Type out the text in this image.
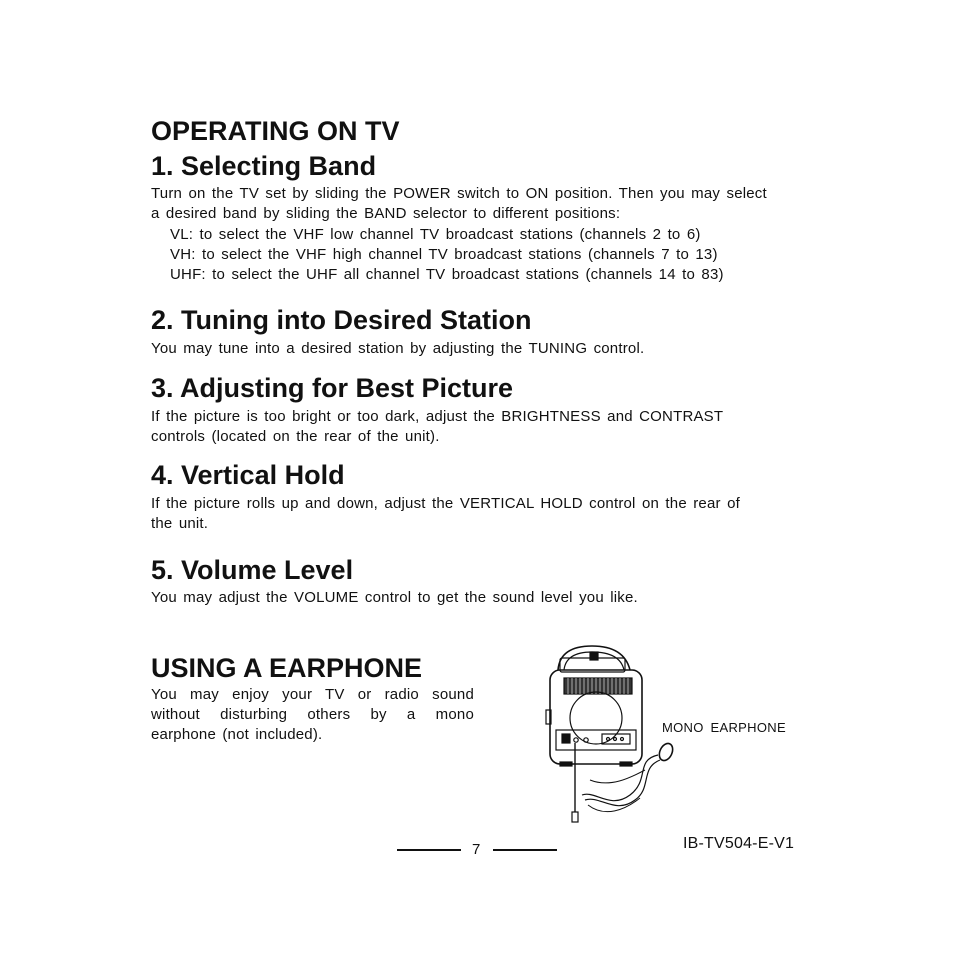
OPERATING ON TV
1. Selecting Band
Turn on the TV set by sliding the POWER switch to ON position. Then you may select
a desired band by sliding the BAND selector to different positions:
VL: to select the VHF low channel TV broadcast stations (channels 2 to 6)
VH: to select the VHF high channel TV broadcast stations (channels 7 to 13)
UHF: to select the UHF all channel TV broadcast stations (channels 14 to 83)
2. Tuning into Desired Station
You may tune into a desired station by adjusting the TUNING control.
3. Adjusting for Best Picture
If the picture is too bright or too dark, adjust the BRIGHTNESS and CONTRAST
controls (located on the rear of the unit).
4. Vertical Hold
If the picture rolls up and down, adjust the VERTICAL HOLD control on the rear of
the unit.
5. Volume Level
You may adjust the VOLUME control to get the sound level you like.
USING A EARPHONE
You may enjoy your TV or radio sound
without disturbing others by a mono
earphone (not included).	MONO EARPHONE
7	IB-TV504-E-V1
